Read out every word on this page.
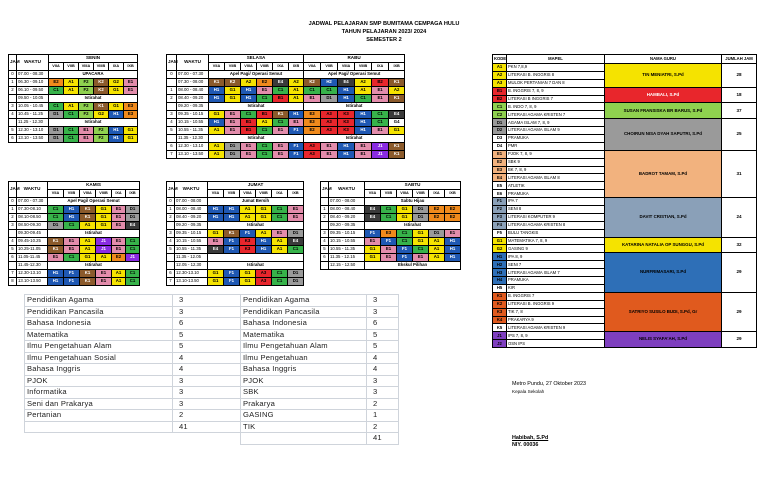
JADWAL PELAJARAN SMP BUMITAMA CEMPAGA HULU
TAHUN PELAJARAN 2023/ 2024
SEMESTER 2
JAM	WAKTU	SENIN					
		VIIA	VIIB	VIIIA	VIIIB	IXA	IXB
0	07.00 - 08.30	UPACARA					
1	06.30 - 09.10	E2	A1	F2	K2	G2	E1
2	06.10 - 09.50	C1	A1	F2	K2	G1	E1
	09.50 - 10.05	Istirahat					
3	10.05 - 10.45	C1	A1	F2	K1	G1	E3
4	10.45 - 11.25	D1	C1	F2	G2	H1	E3
	11.25 - 12.30	Istirahat					
5	12.30 - 13.10	D1	C1	E1	F2	H1	G1
6	13.10 - 13.50	D1	C1	E1	F2	H1	G1
JAM	WAKTU	SELASA						RABU					
		VIIA	VIIB	VIIIA	VIIIB	IXA	IXB	VIIA	VIIB	VIIIA	VIIIB	IXA	IXB
0	07.00 - 07.30	Apel Pagi/ Operasi Semut						Apel Pagi/ Operasi Semut					
	07.30 - 08.00	K1	K2	A2	E2	E4	A2	K2	H2	E4	A2	B2	K1
1	08.00 - 08.40	H1	G1	H1	E1	C1	A1	C1	C1	H1	A1	E1	A2
2	08.40 - 09.20	H1	G1	H1	C1	B1	A1	E1	D1	H1	C1	E1	K1
	09.20 - 09.35	Istirahat						Istirahat					
3	09.35 - 10.15	G1	E1	C1	B1	K1	H1	E3	A3	K3	H1	C1	E4
4	10.15 - 10.55	H1	E1	B1	A1	C1	E1	E3	A3	K3	H1	C1	G4
5	10.55 - 11.35	A1	E1	B1	C1	E1	F1	E2	A3	K3	H1	E1	G1
	11.35 - 12.30	Istirahat						Istirahat					
6	12.30 - 13.10	A1	D1	E1	C1	E1	F1	A3	E1	H1	E1	J1	K1
7	13.10 - 13.50	A1	D1	E1	C1	E1	F1	A3	E1	H1	E1	J1	K1
JAM	WAKTU	KAMIS					
		VIIA	VIIB	VIIIA	VIIIB	IXA	IXB
0	07.00 - 07.30	Apel Pagi/ Operasi Semut					
1	07.30-08.10	C1	H1	K1	G1	E1	D1
2	08.10-08.50	C1	H1	K1	G1	E1	D1
3	08.50-09.30	D1	C1	A1	G1	E1	E4
	09.30-09.45	Istirahat					
4	09.45-10.25	K1	E1	A1	J1	E1	C1
5	10.25-11.05	K1	E1	A1	J1	E1	C1
6	11.05-11.45	E1	C1	G1	A1	E2	J1
	11.45-12.30	Istirahat					
7	12.30-13.10	H1	F1	K1	E1	A1	C1
8	13.10-13.50	H1	F1	K1	E1	A1	C1
JAM	WAKTU	JUMAT					
		VIIA	VIIB	VIIIA	VIIIB	IXA	IXB
0	07.00 - 08.00	Jumat Bersih					
1	08.00 - 08.40	H1	H1	A1	G1	C1	E1
2	08.40 - 09.20	H1	H1	A1	G1	C1	E1
	09.20 - 09.35	Istirahat					
3	09.35 - 10.15	G1	K1	F1	A1	E1	D1
4	10.15 - 10.55	E1	F1	K3	H1	A1	E4
5	10.55 - 11.35	E4	F1	K3	H1	A1	C1
	11.35 - 12.05						
	12.05 - 12.30	Istirahat					
6	12.30-13.10	G1	F1	G1	A3	C1	D1
7	13.10-13.50	G1	F1	G1	A3	C1	D1
JAM	WAKTU	SABTU					
		VIIA	VIIB	VIIIA	VIIIB	IXA	IXB
	07.00 - 08.00	Sabtu Hijau					
1	08.00 - 08.40	E4	C1	G1	D1	E2	E2
2	08.40 - 09.20	E4	C1	G1	D1	E2	E2
	09.20 - 09.35	Istirahat					
3	09.35 - 10.15	F1	E3	C1	G1	D1	E1
4	10.15 - 10.55	E1	F1	C1	G1	A1	H1
5	10.55 - 11.35	G1	E1	F1	C1	A1	H1
6	11.35 - 12.15	G1	E1	F1	E1	A1	H1
	12.15 - 12.50	Ekskul Pilihan					
KODE	MAPEL	NAMA GURU	JUMLAH JAM
A1	PKN 7,8,9	TIN MENIATRI, S.Pd	28
A2	LITERASI B. INGGRIS 8		
A3	MULOK PERTANIAN 7 DAN 8		
B1	B. INGGRIS 7, 8, 9	HAMBALI, S.Pd	18
B2	LITERASI B INGGRIS 7		
C1	B. INDO 7, 8, 9	SUSAN FRANSISKA BR BARUS, S.Pd	37
C2	LITERASI AGAMA KRISTEN 7		
D1	AGAMA ISLAM 7, 8, 9	CHOIRUN NISA DYAH SAPUTRI, S.Pd	25
D2	LITERASI AGAMA ISLAM 9		
D3	PRAMUKA		
D4	PMR		
E1	PJOK 7, 8, 9	BADROT TAMAM, S.Pd	31
E2	SBK 9		
E3	BK 7, 8, 9		
E4	LITERASI AGAMA ISLAM 8		
E5	ATLETIK		
E6	PRAMUKA		
F1	IPA 7	DAVIT CRISTIAN, S.Pd	24
F2	SENI 8		
F3	LITERASI KOMPUTER 9		
F4	LITERASI AGAMA KRISTEN 8		
F5	BULU TANGKIS		
G1	MATEMATIKA 7, 8, 9	KATARINA NATALIA OP SUNGGU, S.Pd	32
G2	GASING 9		
H1	IPA 8, 9	NURFRIMASARI, S.Pd	29
H2	SENI 7		
H3	LITERASI AGAMA ISLAM 7		
H4	PRAMUKA		
H5	KIR		
K1	B. INGGRIS 7	SATRIYO SUSILO BUDI, S.Pd, Gr	29
K2	LITERASI B. INGGRIS 9		
K3	TIK 7, 8		
K4	PRAKARYA 9		
K5	LITERASI AGAMA KRISTEN 9		
J1	IPS 7, 8, 9	NELIS SYAFA'AH, S.Pd	29
J2	OSN IPS		
Pendidikan Agama	3
Pendidikan Pancasila	3
Bahasa Indonesia	6
Matematika	5
Ilmu Pengetahuan Alam	5
Ilmu Pengetahuan Sosial	4
Bahasa Inggris	4
PJOK	3
Informatika	3
Seni dan Prakarya	3
Pertanian	2
	41
Pendidikan Agama	3
Pendidikan Pancasila	3
Bahasa Indonesia	6
Matematika	5
Ilmu Pengetahuan Alam	5
Ilmu Pengetahuan	4
Bahasa Inggris	4
PJOK	3
SBK	3
Prakarya	2
GASING	1
TIK	2
	41
Metro Pundu, 27 Oktober 2023
Kepala Sekolah
Habibah, S.Pd
NIY. 00036
